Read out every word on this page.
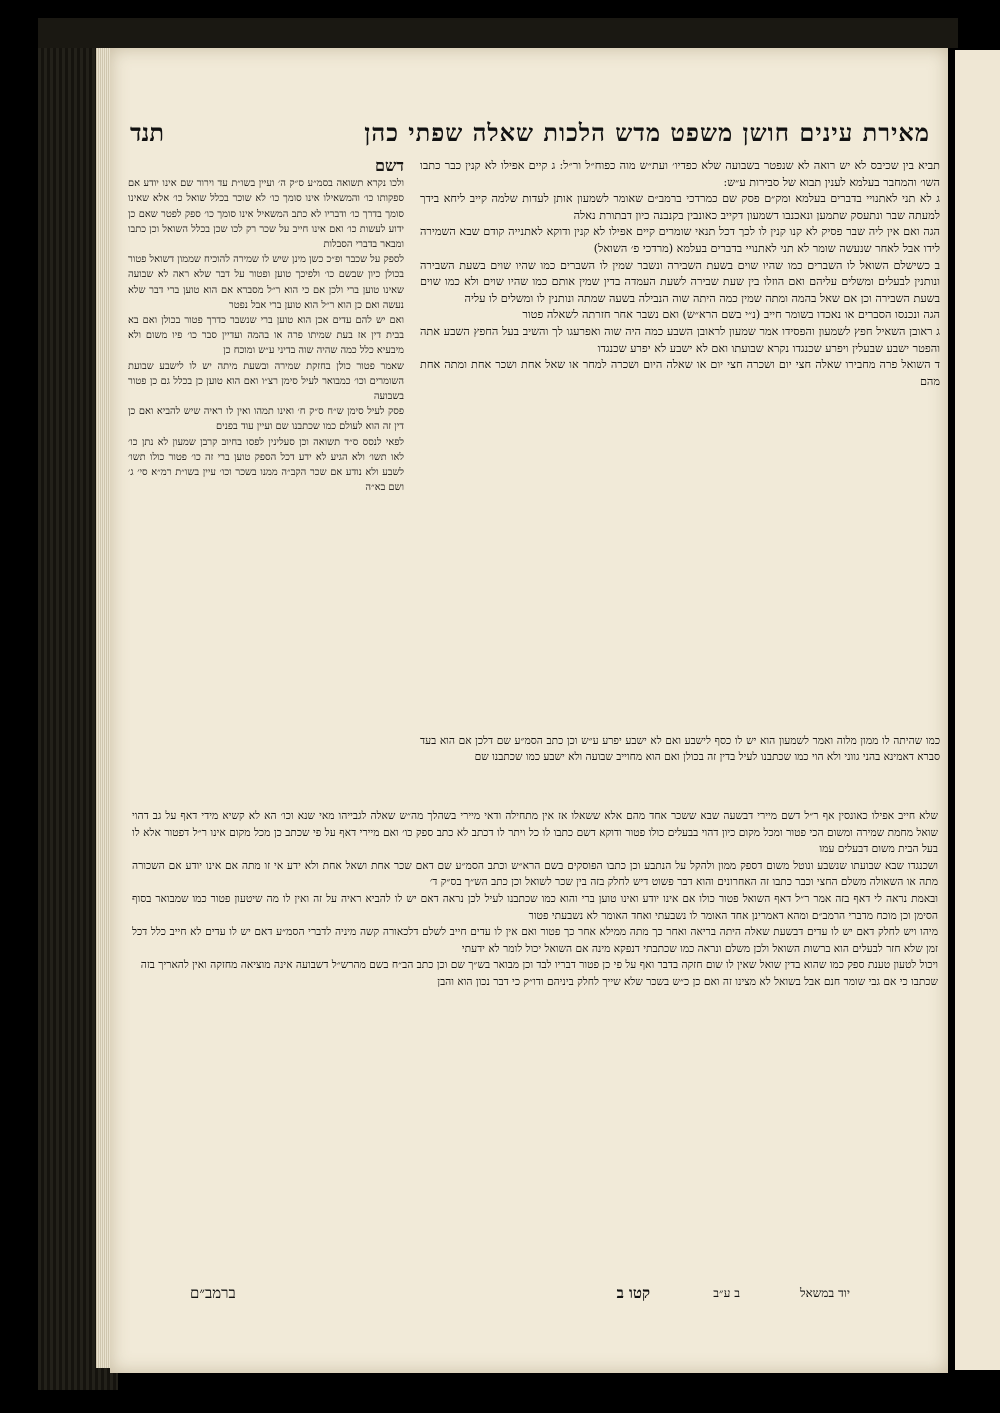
מאירת עינים חושן משפט מדש הלכות שאלה שפתי כהן
תנד

תביא בין שכיבס לא יש רואה לא שנפטר בשבועה שלא כפדיו׳ ועת״ש מוה כפוח״ל ור״ל: ג קיים אפילו לא קנין כבר כתבו השו׳ והמחבר בעלמא לענין תבוא של סבירות ע״ש:

ג לא תני לאתנויי בדברים בעלמא ומק״ם פסק שם כמרדכי ברמב״ם שאומר לשמעון אותן לעדות שלמה קייב ליחא בידך למעתה שבר ונתעסק שתמען ונאכנבו דשמעון דקייב כאונבין בקנבנה כיון דבתורת נאלה

הגה ואם אין ליה שבר פסיק לא קנו קנין לו לכך דכל תנאי שומרים קיים אפילו לא קנין ודוקא לאתנייה קודם שבא השמירה לידו אבל לאחר שנעשה שומר לא תני לאתנויי בדברים בעלמא (מרדכי פ׳ השואל)

ב כשישלם השואל לו השברים כמו שהיו שוים בשעת השבירה ונשבר שמין לו השברים כמו שהיו שוים בשעת השבירה ונותנין לבעלים ומשלים עליהם ואם הוזלו בין שעת שבירה לשעת העמדה בדין שמין אותם כמו שהיו שוים ולא כמו שוים בשעת השבירה וכן אם שאל בהמה ומתה שמין כמה היתה שוה הנבילה בשעה שמתה ונותנין לו ומשלים לו עליה

הגה ונכנסו הסברים או נאכדו בשומר חייב (נ״י בשם הרא״ש) ואם נשבר אחר חזרתה לשאלה פטור

ג ראובן השאיל חפץ לשמעון והפסידו אמר שמעון לראובן השבע כמה היה שוה ואפרעגו לך והשיב בעל החפץ השבע אתה והפטר ישבע שבעלין ויפרע שכנגדו נקרא שבועתו ואם לא ישבע לא יפרע שכנגדו

ד השואל פרה מחבירו שאלה חצי יום ושכרה חצי יום או שאלה היום ושכרה למחר או שאל אחת ושכר אחת ומתה אחת מהם

דשם

ולכו נקרא תשואה בסמ״ע ס״ק ה׳ ועיין בשו״ת עד וירור שם אינו יודע אם ספקותו כו׳ והמשאילו אינו סומך כו׳ לא שוכר בכלל שואל כו׳ אלא שאינו סומך בדרך כו׳ ודבריו לא כתב המשאיל אינו סומך כו׳ ספק לפטר שאם כן ידוע לעשות כו׳ ואם אינו חייב על שכר רק לכו שכן בכלל השואל וכן כתבו ומבאר בדברי הסבלות

לספק על שכבר ופ״כ כשן מינן שיש לו שמירה להוכיח שממון דשואל פטור בכולן כיון שבשם כו׳ ולפיכך טוען ופטור על דבר שלא ראה לא שבועה שאינו טוען ברי ולכן אם כי הוא ר״ל מסברא אם הוא טוען ברי דבר שלא נעשה ואם כן הוא ר״ל הוא טוען ברי אבל נפטר

ואם יש להם עדים אכן הוא טוען ברי שנשבר כדרך פטור בכולן ואם בא בבית דין אז בעת שמיתו פרה או בהמה ועדיין סבר כו׳ פיו משום ולא מיבעיא כלל כמה שהיה שוה בדיני ע״ש ומוכח כן

שאמר פטור כולן בחזקת שמירה ובשעת מיתה יש לו לישבע שבועת השומרים וכו׳ כמבואר לעיל סימן רצ״ו ואם הוא טוען כן בכלל גם כן פטור בשבועה

פסק לעיל סימן ש״ח ס״ק ח׳ ואינו תמהו ואין לו ראיה שיש להביא ואם כן דין זה הוא לעולם כמו שכתבנו שם ועיין עוד בפנים

לפאי לנסס ס״ד תשואה וכן סעלינין לפסו בחיוב קרבן שמעון לא נתן כו׳ לאו תשו׳ ולא הגיע לא ידע דכל הספק טוען ברי זה כו׳ פטור כולו תשו׳ לשבע ולא נודע אם שכר הקב״ה ממנו בשכר וכו׳ עיין בשו״ת רמ״א סי׳ ג׳ ושם בא״ה

כמו שהיתה לו ממון מלוה ואמר לשמעון הוא יש לו כסף לישבע ואם לא ישבע יפרע ע״ש וכן כתב הסמ״ע שם דלכן אם הוא בעד סברא דאמינא בהני גווני ולא הוי כמו שכתבנו לעיל בדין זה בכולן ואם הוא מחוייב שבועה ולא ישבע כמו שכתבנו שם

שלא חייב אפילו כאונסין אף ר״ל דשם מיירי דבשעה שבא ששכר אחד מהם אלא ששאלו אז אין מתחילה ודאי מיירי בשהלך מה״ש שאלה לגבייהו מאי שנא וכו׳ הא לא קשיא מידי דאף על גב דהוי שואל מחמת שמירה ומשום הכי פטור ומכל מקום כיון דהוי בבעלים כולו פטור ודוקא דשם כתבו לו כל ויתר לו דכתב לא כתב ספק כו׳ ואם מיירי דאף על פי שכתב כן מכל מקום אינו ר״ל דפטור אלא לו בעל הבית משום דבעלים עמו

ושכנגדו שבא שבועתו שנשבע ונוטל משום דספק ממון ולהקל על הנתבע וכן כתבו הפוסקים בשם הרא״ש וכתב הסמ״ע שם דאם שכר אחת ושאל אחת ולא ידע אי זו מתה אם אינו יודע אם השכורה מתה או השאולה משלם החצי וכבר כתבו זה האחרונים והוא דבר פשוט דיש לחלק בזה בין שכר לשואל וכן כתב הש״ך בס״ק ד׳

ובאמת נראה לי דאף בזה אמר ר״ל דאף השואל פטור כולו אם אינו יודע ואינו טוען ברי והוא כמו שכתבנו לעיל לכן נראה דאם יש לו להביא ראיה על זה ואין לו מה שיטעון פטור כמו שמבואר בסוף הסימן וכן מוכח מדברי הרמב״ם ומהא דאמרינן אחד האומר לו נשבעתי ואחד האומר לא נשבעתי פטור

מיהו ויש לחלק דאם יש לו עדים דבשעת שאלה היתה בריאה ואחר כך מתה ממילא אחר כך פטור ואם אין לו עדים חייב לשלם דלכאורה קשה מיניה לדברי הסמ״ע דאם יש לו עדים לא חייב כלל דכל זמן שלא חזר לבעלים הוא ברשות השואל ולכן משלם ונראה כמו שכתבתי דנפקא מינה אם השואל יכול לומר לא ידעתי

ויכול לטעון טענת ספק כמו שהוא בדין שואל שאין לו שום חזקה בדבר ואף על פי כן פטור דבריו לבד וכן מבואר בש״ך שם וכן כתב הב״ח בשם מהרש״ל דשבועה אינה מוציאה מחזקה ואין להאריך בזה

שכתבו כי אם גבי שומר חנם אבל בשואל לא מצינו זה ואם כן כ״ש בשכר שלא שייך לחלק ביניהם ודו״ק כי דבר נכון הוא והבן

ברמב״ם	קטו ב	ב ע״ב	יוד במשאל
